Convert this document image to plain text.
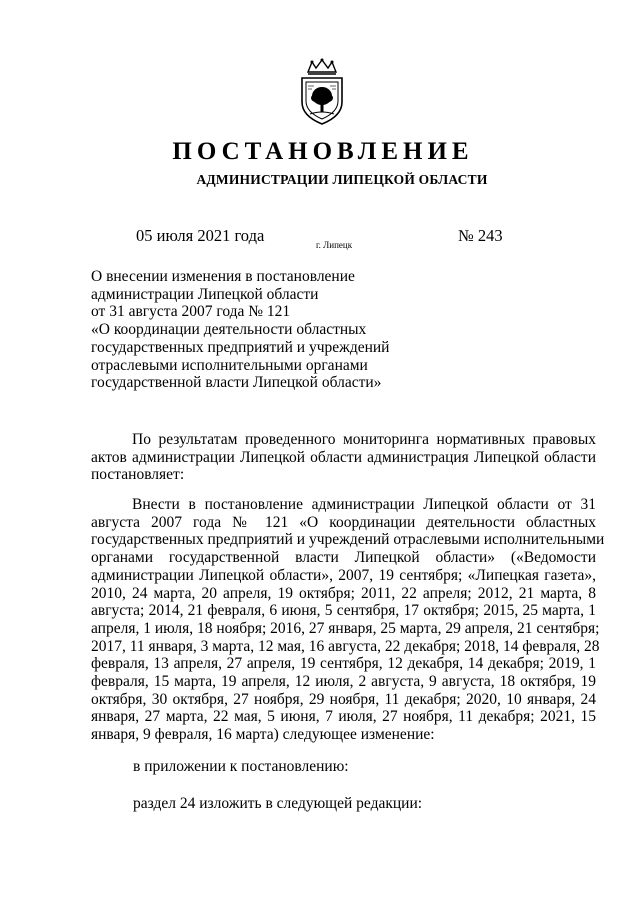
ПОСТАНОВЛЕНИЕ
АДМИНИСТРАЦИИ ЛИПЕЦКОЙ ОБЛАСТИ
05 июля 2021 года	г. Липецк	№ 243
О внесении изменения в постановление
администрации Липецкой области
от 31 августа 2007 года № 121
«О координации деятельности областных
государственных предприятий и учреждений
отраслевыми исполнительными органами
государственной власти Липецкой области»
По результатам проведенного мониторинга нормативных правовых
актов администрации Липецкой области администрация Липецкой области
постановляет:
Внести в постановление администрации Липецкой области от 31
августа 2007 года № 121 «О координации деятельности областных
государственных предприятий и учреждений отраслевыми исполнительными
органами государственной власти Липецкой области» («Ведомости
администрации Липецкой области», 2007, 19 сентября; «Липецкая газета»,
2010, 24 марта, 20 апреля, 19 октября; 2011, 22 апреля; 2012, 21 марта, 8
августа; 2014, 21 февраля, 6 июня, 5 сентября, 17 октября; 2015, 25 марта, 1
апреля, 1 июля, 18 ноября; 2016, 27 января, 25 марта, 29 апреля, 21 сентября;
2017, 11 января, 3 марта, 12 мая, 16 августа, 22 декабря; 2018, 14 февраля, 28
февраля, 13 апреля, 27 апреля, 19 сентября, 12 декабря, 14 декабря; 2019, 1
февраля, 15 марта, 19 апреля, 12 июля, 2 августа, 9 августа, 18 октября, 19
октября, 30 октября, 27 ноября, 29 ноября, 11 декабря; 2020, 10 января, 24
января, 27 марта, 22 мая, 5 июня, 7 июля, 27 ноября, 11 декабря; 2021, 15
января, 9 февраля, 16 марта) следующее изменение:
в приложении к постановлению:
раздел 24 изложить в следующей редакции:
